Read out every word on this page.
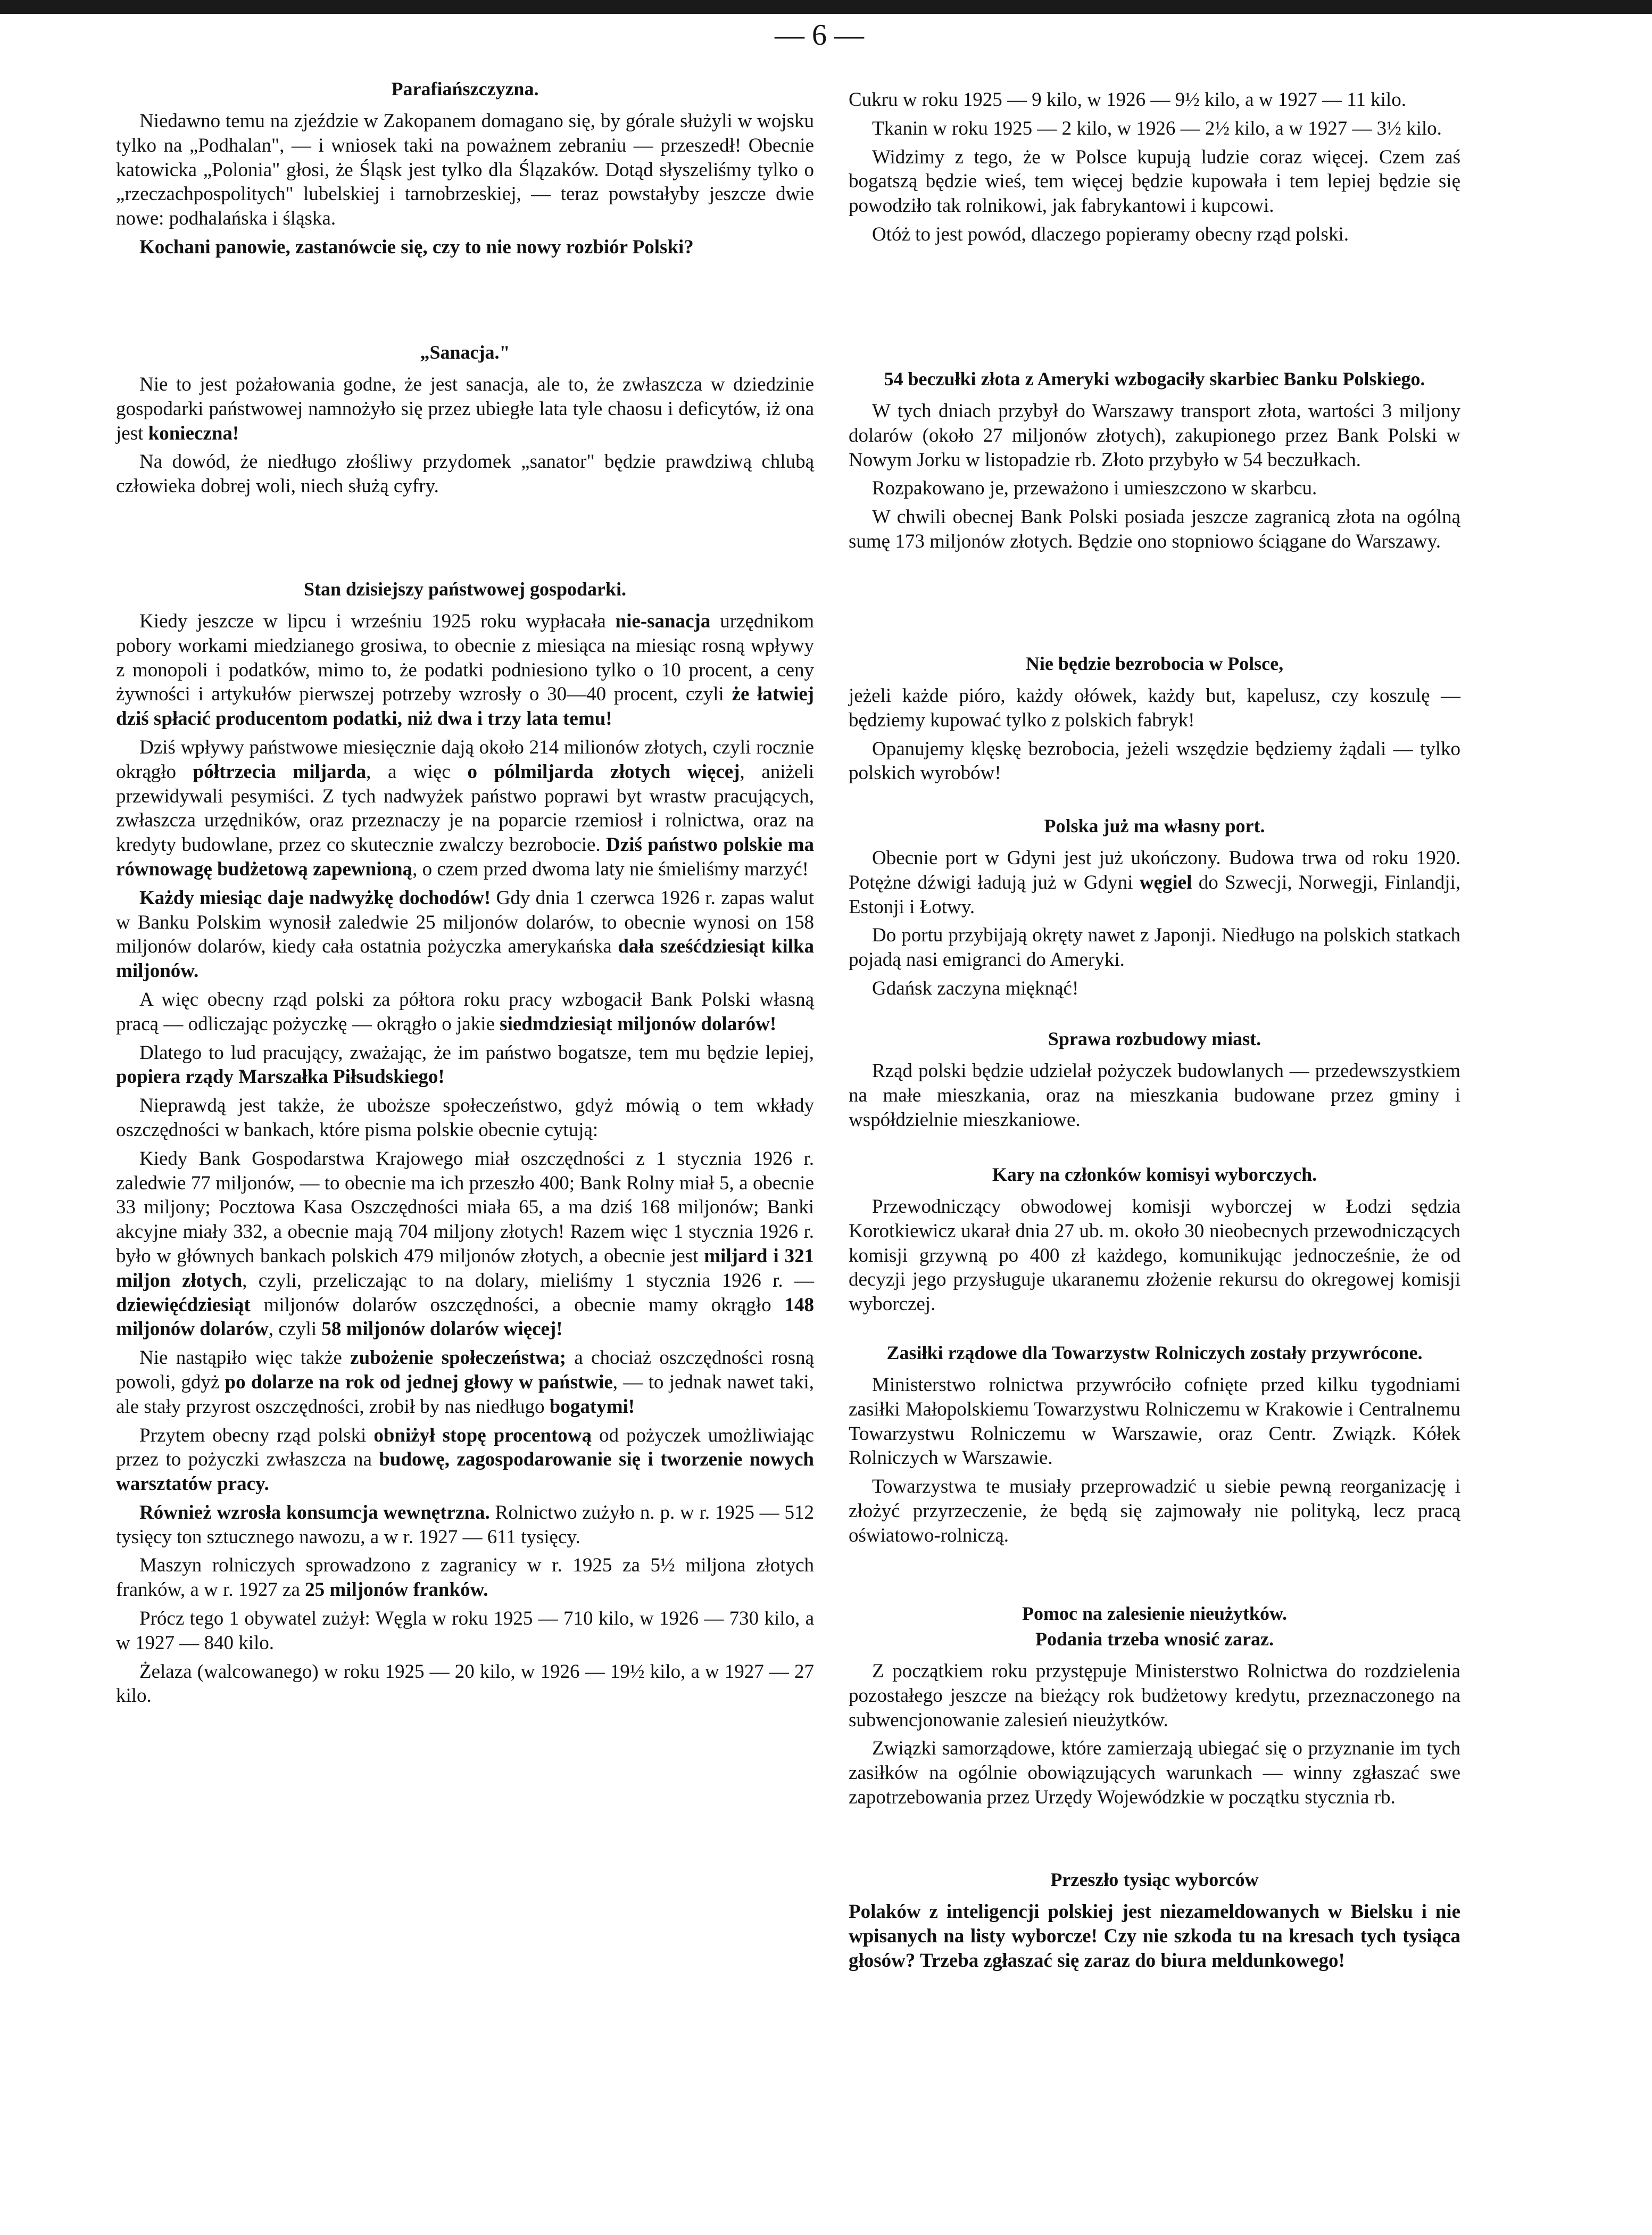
— 6 —
Parafiańszczyzna.

Niedawno temu na zjeździe w Zakopanem domagano się, by górale służyli w wojsku tylko na „Podhalan", — i wniosek taki na poważnem zebraniu — przeszedł! Obecnie katowicka „Polonia" głosi, że Śląsk jest tylko dla Ślązaków. Dotąd słyszeliśmy tylko o „rzeczachpospolitych" lubelskiej i tarnobrzeskiej, — teraz powstałyby jeszcze dwie nowe: podhalańska i śląska.

Kochani panowie, zastanówcie się, czy to nie nowy rozbiór Polski?

„Sanacja."

Nie to jest pożałowania godne, że jest sanacja, ale to, że zwłaszcza w dziedzinie gospodarki państwowej namnożyło się przez ubiegłe lata tyle chaosu i deficytów, iż ona jest konieczna!

Na dowód, że niedługo złośliwy przydomek „sanator" będzie prawdziwą chlubą człowieka dobrej woli, niech służą cyfry.

Stan dzisiejszy państwowej gospodarki.

Kiedy jeszcze w lipcu i wrześniu 1925 roku wypłacała nie-sanacja urzędnikom pobory workami miedzianego grosiwa, to obecnie z miesiąca na miesiąc rosną wpływy z monopoli i podatków, mimo to, że podatki podniesiono tylko o 10 procent, a ceny żywności i artykułów pierwszej potrzeby wzrosły o 30—40 procent, czyli że łatwiej dziś spłacić producentom podatki, niż dwa i trzy lata temu!

Dziś wpływy państwowe miesięcznie dają około 214 milionów złotych, czyli rocznie okrągło półtrzecia miljarda, a więc o pólmiljarda złotych więcej, aniżeli przewidywali pesymiści. Z tych nadwyżek państwo poprawi byt wrastw pracujących, zwłaszcza urzędników, oraz przeznaczy je na poparcie rzemiosł i rolnictwa, oraz na kredyty budowlane, przez co skutecznie zwalczy bezrobocie. Dziś państwo polskie ma równowagę budżetową zapewnioną, o czem przed dwoma laty nie śmieliśmy marzyć!

Każdy miesiąc daje nadwyżkę dochodów! Gdy dnia 1 czerwca 1926 r. zapas walut w Banku Polskim wynosił zaledwie 25 miljonów dolarów, to obecnie wynosi on 158 miljonów dolarów, kiedy cała ostatnia pożyczka amerykańska dała sześćdziesiąt kilka miljonów.

A więc obecny rząd polski za półtora roku pracy wzbogacił Bank Polski własną pracą — odliczając pożyczkę — okrągło o jakie siedmdziesiąt miljonów dolarów!

Dlatego to lud pracujący, zważając, że im państwo bogatsze, tem mu będzie lepiej, popiera rządy Marszałka Piłsudskiego!

Nieprawdą jest także, że uboższe społeczeństwo, gdyż mówią o tem wkłady oszczędności w bankach, które pisma polskie obecnie cytują:

Kiedy Bank Gospodarstwa Krajowego miał oszczędności z 1 stycznia 1926 r. zaledwie 77 miljonów, — to obecnie ma ich przeszło 400; Bank Rolny miał 5, a obecnie 33 miljony; Pocztowa Kasa Oszczędności miała 65, a ma dziś 168 miljonów; Banki akcyjne miały 332, a obecnie mają 704 miljony złotych! Razem więc 1 stycznia 1926 r. było w głównych bankach polskich 479 miljonów złotych, a obecnie jest miljard i 321 miljon złotych, czyli, przeliczając to na dolary, mieliśmy 1 stycznia 1926 r. — dziewięćdziesiąt miljonów dolarów oszczędności, a obecnie mamy okrągło 148 miljonów dolarów, czyli 58 miljonów dolarów więcej!

Nie nastąpiło więc także zubożenie społeczeństwa; a chociaż oszczędności rosną powoli, gdyż po dolarze na rok od jednej głowy w państwie, — to jednak nawet taki, ale stały przyrost oszczędności, zrobił by nas niedługo bogatymi!

Przytem obecny rząd polski obniżył stopę procentową od pożyczek umożliwiając przez to pożyczki zwłaszcza na budowę, zagospodarowanie się i tworzenie nowych warsztatów pracy.

Również wzrosła konsumcja wewnętrzna. Rolnictwo zużyło n. p. w r. 1925 — 512 tysięcy ton sztucznego nawozu, a w r. 1927 — 611 tysięcy.

Maszyn rolniczych sprowadzono z zagranicy w r. 1925 za 5½ miljona złotych franków, a w r. 1927 za 25 miljonów franków.

Prócz tego 1 obywatel zużył: Węgla w roku 1925 — 710 kilo, w 1926 — 730 kilo, a w 1927 — 840 kilo.

Żelaza (walcowanego) w roku 1925 — 20 kilo, w 1926 — 19½ kilo, a w 1927 — 27 kilo.

Cukru w roku 1925 — 9 kilo, w 1926 — 9½ kilo, a w 1927 — 11 kilo.

Tkanin w roku 1925 — 2 kilo, w 1926 — 2½ kilo, a w 1927 — 3½ kilo.

Widzimy z tego, że w Polsce kupują ludzie coraz więcej. Czem zaś bogatszą będzie wieś, tem więcej będzie kupowała i tem lepiej będzie się powodziło tak rolnikowi, jak fabrykantowi i kupcowi.

Otóż to jest powód, dlaczego popieramy obecny rząd polski.

54 beczułki złota z Ameryki wzbogaciły skarbiec Banku Polskiego.

W tych dniach przybył do Warszawy transport złota, wartości 3 miljony dolarów (około 27 miljonów złotych), zakupionego przez Bank Polski w Nowym Jorku w listopadzie rb. Złoto przybyło w 54 beczułkach.

Rozpakowano je, przeważono i umieszczono w skarbcu.

W chwili obecnej Bank Polski posiada jeszcze zagranicą złota na ogólną sumę 173 miljonów złotych. Będzie ono stopniowo ściągane do Warszawy.

Nie będzie bezrobocia w Polsce,

jeżeli każde pióro, każdy ołówek, każdy but, kapelusz, czy koszulę — będziemy kupować tylko z polskich fabryk!

Opanujemy klęskę bezrobocia, jeżeli wszędzie będziemy żądali — tylko polskich wyrobów!

Polska już ma własny port.

Obecnie port w Gdyni jest już ukończony. Budowa trwa od roku 1920. Potężne dźwigi ładują już w Gdyni węgiel do Szwecji, Norwegji, Finlandji, Estonji i Łotwy.

Do portu przybijają okręty nawet z Japonji. Niedługo na polskich statkach pojadą nasi emigranci do Ameryki.

Gdańsk zaczyna mięknąć!

Sprawa rozbudowy miast.

Rząd polski będzie udzielał pożyczek budowlanych — przedewszystkiem na małe mieszkania, oraz na mieszkania budowane przez gminy i współdzielnie mieszkaniowe.

Kary na członków komisyi wyborczych.

Przewodniczący obwodowej komisji wyborczej w Łodzi sędzia Korotkiewicz ukarał dnia 27 ub. m. około 30 nieobecnych przewodniczących komisji grzywną po 400 zł każdego, komunikując jednocześnie, że od decyzji jego przysługuje ukaranemu złożenie rekursu do okregowej komisji wyborczej.

Zasiłki rządowe dla Towarzystw Rolniczych zostały przywrócone.

Ministerstwo rolnictwa przywróciło cofnięte przed kilku tygodniami zasiłki Małopolskiemu Towarzystwu Rolniczemu w Krakowie i Centralnemu Towarzystwu Rolniczemu w Warszawie, oraz Centr. Związk. Kółek Rolniczych w Warszawie.

Towarzystwa te musiały przeprowadzić u siebie pewną reorganizację i złożyć przyrzeczenie, że będą się zajmowały nie polityką, lecz pracą oświatowo-rolniczą.

Pomoc na zalesienie nieużytków.
Podania trzeba wnosić zaraz.

Z początkiem roku przystępuje Ministerstwo Rolnictwa do rozdzielenia pozostałego jeszcze na bieżący rok budżetowy kredytu, przeznaczonego na subwencjonowanie zalesień nieużytków.

Związki samorządowe, które zamierzają ubiegać się o przyznanie im tych zasiłków na ogólnie obowiązujących warunkach — winny zgłaszać swe zapotrzebowania przez Urzędy Wojewódzkie w początku stycznia rb.

Przeszło tysiąc wyborców

Polaków z inteligencji polskiej jest niezameldowanych w Bielsku i nie wpisanych na listy wyborcze! Czy nie szkoda tu na kresach tych tysiąca głosów? Trzeba zgłaszać się zaraz do biura meldunkowego!
